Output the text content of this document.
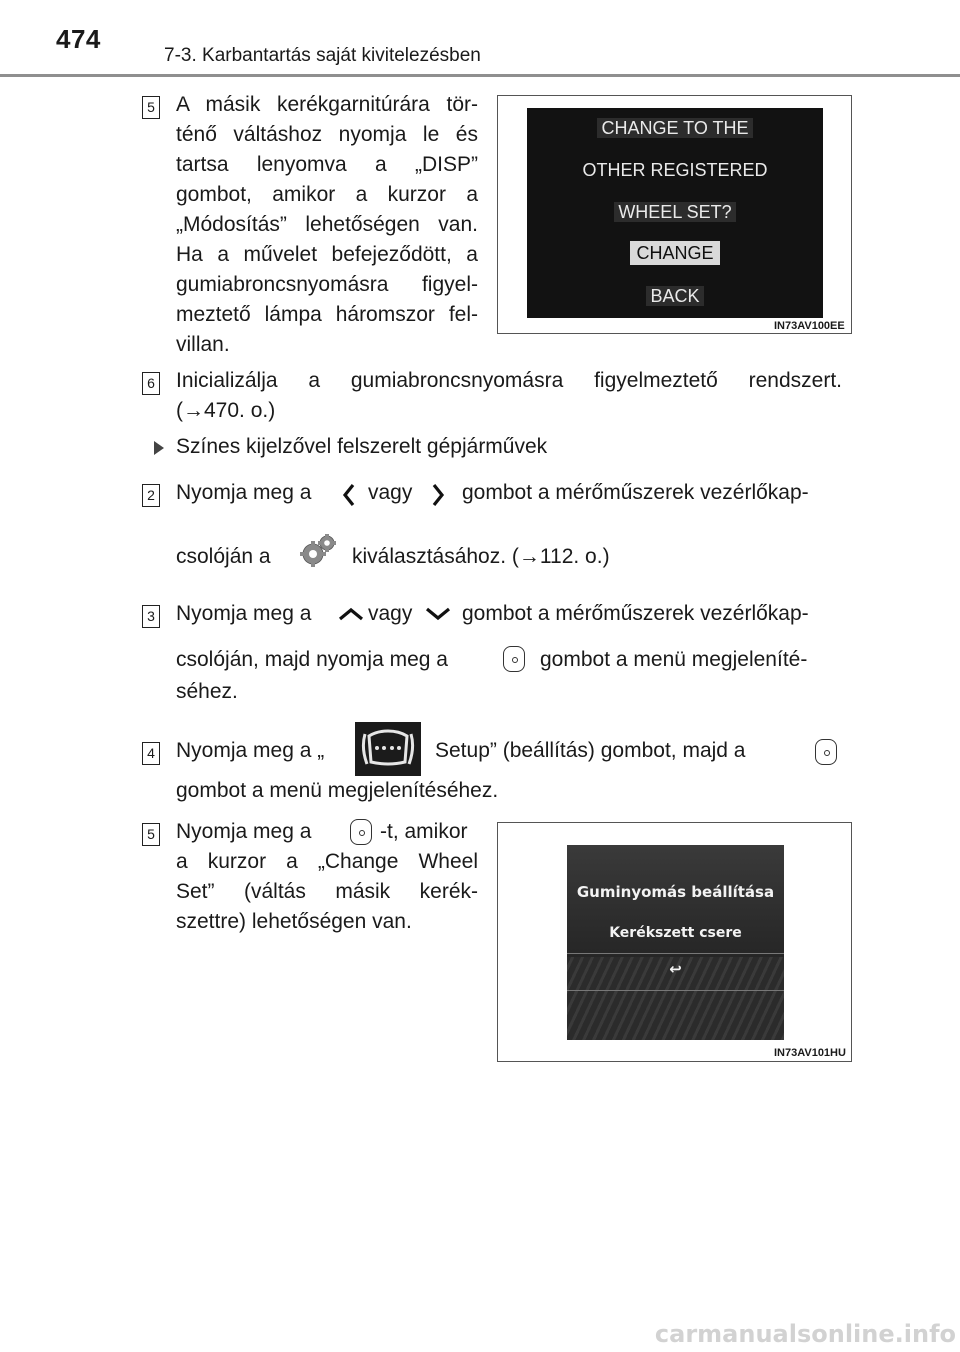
474
7-3. Karbantartás saját kivitelezésben
5 A másik kerékgarnitúrára tör-
ténő váltáshoz nyomja le és
tartsa lenyomva a „DISP”
gombot, amikor a kurzor a
„Módosítás” lehetőségen van.
Ha a művelet befejeződött, a
gumiabroncsnyomásra figyel-
meztető lámpa háromszor fel-
villan.
CHANGE TO THE
OTHER REGISTERED
WHEEL SET?
CHANGE
BACK
IN73AV100EE
6 Inicializálja a gumiabroncsnyomásra figyelmeztető rendszert.
(→470. o.)
Színes kijelzővel felszerelt gépjárművek
2 Nyomja meg a	vagy gombot a mérőműszerek vezérlőkap-
csolóján a	kiválasztásához. (→112. o.)
3 Nyomja meg a	vagy gombot a mérőműszerek vezérlőkap-
csolóján, majd nyomja meg a	gombot a menü megjeleníté-
séhez.
4 Nyomja meg a „	Setup” (beállítás) gombot, majd a
gombot a menü megjelenítéséhez.
5 Nyomja meg a	-t, amikor
a kurzor a „Change Wheel
Set” (váltás másik kerék-
szettre) lehetőségen van.
Guminyomás beállítása
Kerékszett csere
↩
IN73AV101HU
carmanualsonline.info
